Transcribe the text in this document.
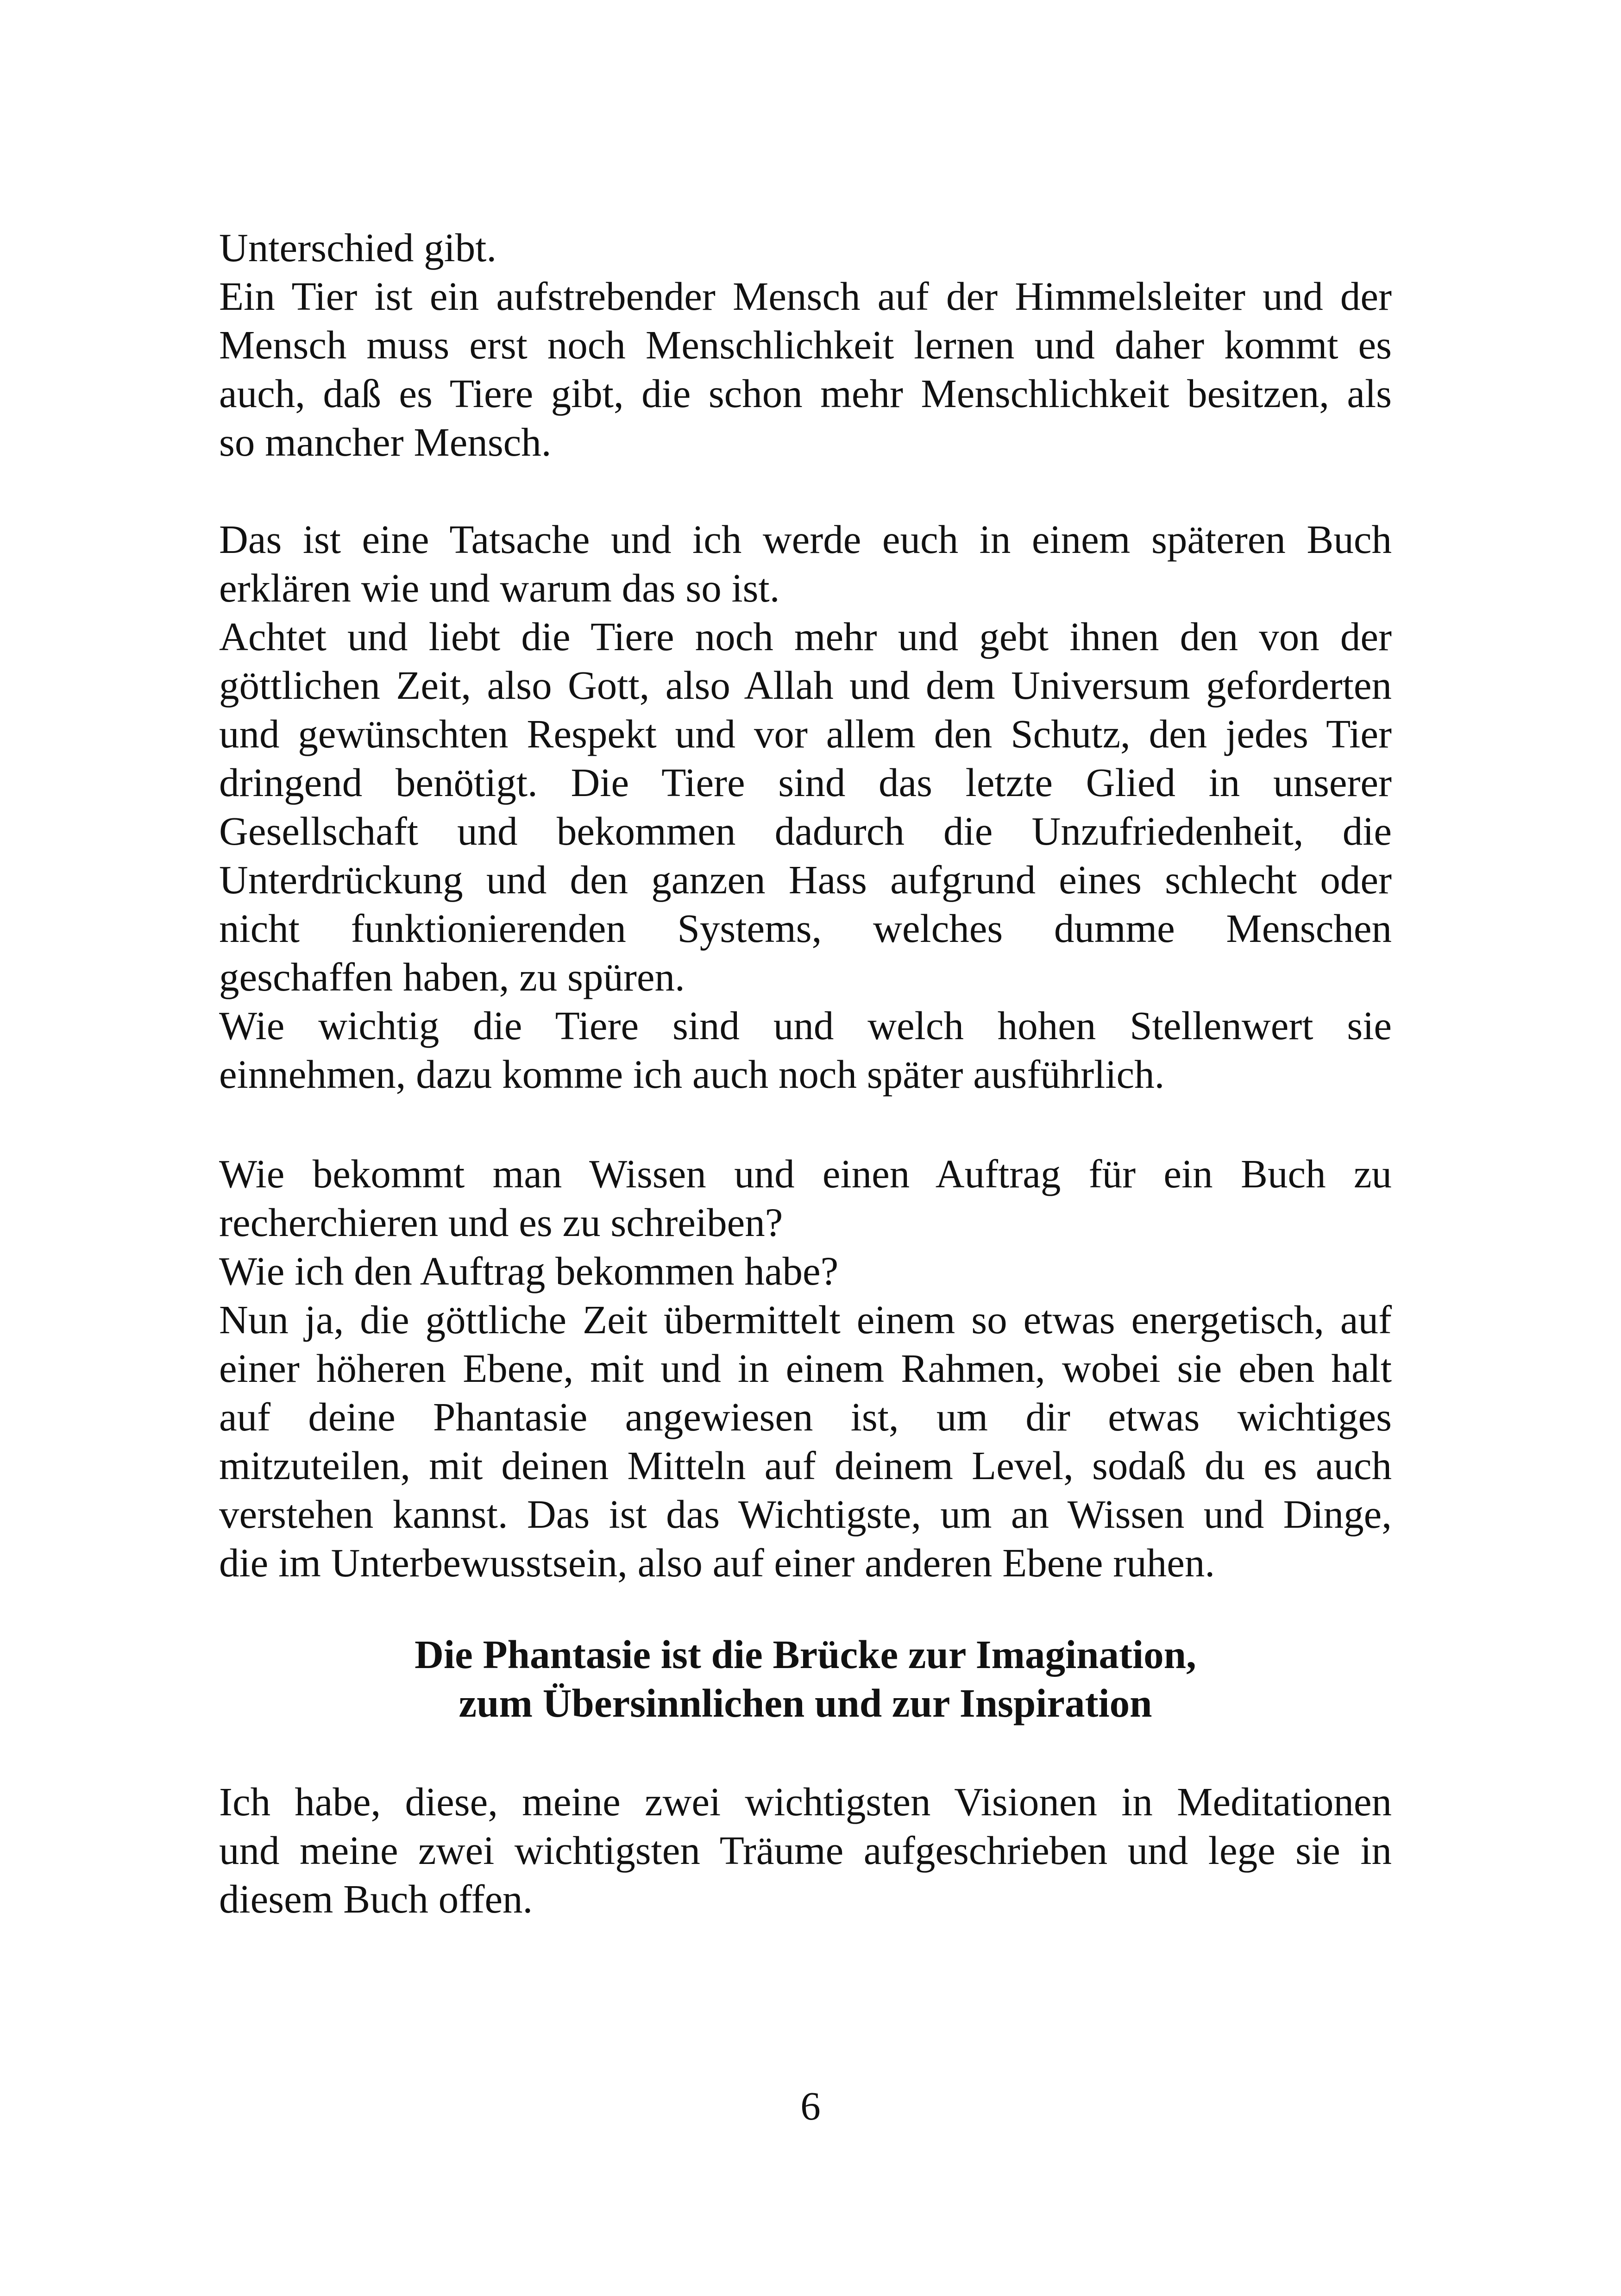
Unterschied gibt.
Ein Tier ist ein aufstrebender Mensch auf der Himmelsleiter und der
Mensch muss erst noch Menschlichkeit lernen und daher kommt es
auch, daß es Tiere gibt, die schon mehr Menschlichkeit besitzen, als
so mancher Mensch.
Das ist eine Tatsache und ich werde euch in einem späteren Buch
erklären wie und warum das so ist.
Achtet und liebt die Tiere noch mehr und gebt ihnen den von der
göttlichen Zeit, also Gott, also Allah und dem Universum geforderten
und gewünschten Respekt und vor allem den Schutz, den jedes Tier
dringend benötigt. Die Tiere sind das letzte Glied in unserer
Gesellschaft und bekommen dadurch die Unzufriedenheit, die
Unterdrückung und den ganzen Hass aufgrund eines schlecht oder
nicht funktionierenden Systems, welches dumme Menschen
geschaffen haben, zu spüren.
Wie wichtig die Tiere sind und welch hohen Stellenwert sie
einnehmen, dazu komme ich auch noch später ausführlich.
Wie bekommt man Wissen und einen Auftrag für ein Buch zu
recherchieren und es zu schreiben?
Wie ich den Auftrag bekommen habe?
Nun ja, die göttliche Zeit übermittelt einem so etwas energetisch, auf
einer höheren Ebene, mit und in einem Rahmen, wobei sie eben halt
auf deine Phantasie angewiesen ist, um dir etwas wichtiges
mitzuteilen, mit deinen Mitteln auf deinem Level, sodaß du es auch
verstehen kannst. Das ist das Wichtigste, um an Wissen und Dinge,
die im Unterbewusstsein, also auf einer anderen Ebene ruhen.
Die Phantasie ist die Brücke zur Imagination,
zum Übersinnlichen und zur Inspiration
Ich habe, diese, meine zwei wichtigsten Visionen in Meditationen
und meine zwei wichtigsten Träume aufgeschrieben und lege sie in
diesem Buch offen.
6
